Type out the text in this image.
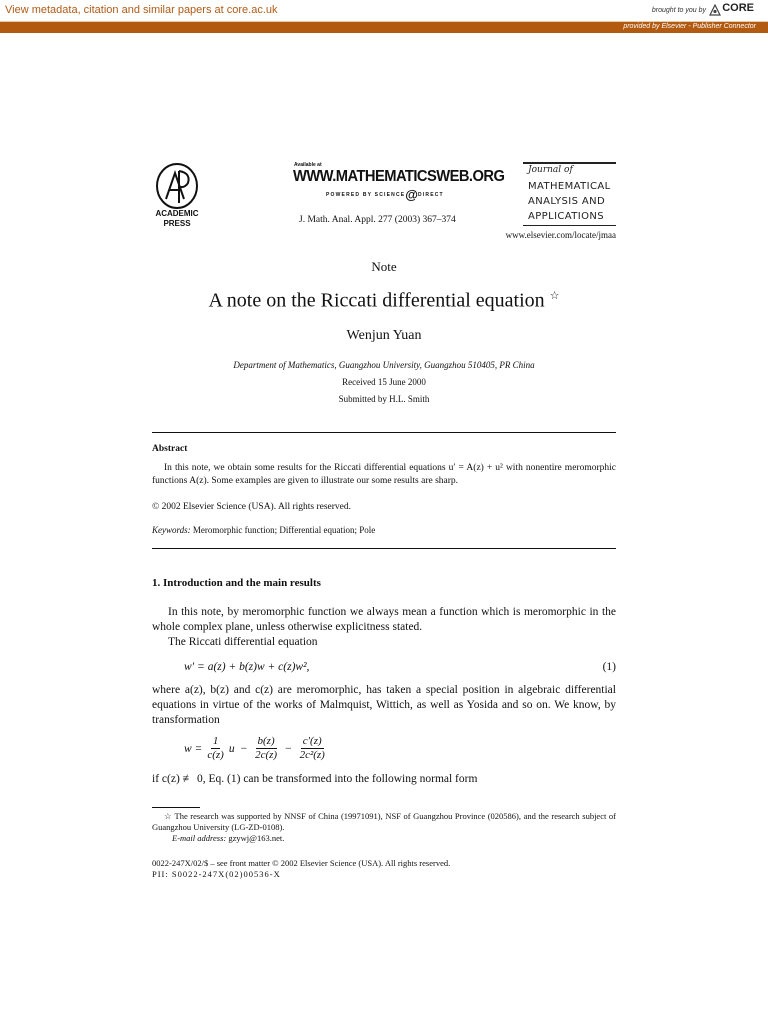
View metadata, citation and similar papers at core.ac.uk	brought to you by CORE
provided by Elsevier - Publisher Connector
ACADEMIC
PRESS
Available at
WWW.MATHEMATICSWEB.ORG
POWERED BY SCIENCE@DIRECT
J. Math. Anal. Appl. 277 (2003) 367–374
Journal of
MATHEMATICAL
ANALYSIS AND
APPLICATIONS
www.elsevier.com/locate/jmaa
Note
A note on the Riccati differential equation ☆
Wenjun Yuan
Department of Mathematics, Guangzhou University, Guangzhou 510405, PR China
Received 15 June 2000
Submitted by H.L. Smith
Abstract

In this note, we obtain some results for the Riccati differential equations u′ = A(z) + u² with nonentire meromorphic functions A(z). Some examples are given to illustrate our some results are sharp.

© 2002 Elsevier Science (USA). All rights reserved.
Keywords: Meromorphic function; Differential equation; Pole
1. Introduction and the main results

In this note, by meromorphic function we always mean a function which is meromorphic in the whole complex plane, unless otherwise explicitness stated.

The Riccati differential equation

w′ = a(z) + b(z)w + c(z)w²,	(1)
where a(z), b(z) and c(z) are meromorphic, has taken a special position in algebraic differential equations in virtue of the works of Malmquist, Wittich, as well as Yosida and so on. We know, by transformation
$w = \frac{1}{c(z)}$ $u - \frac{b(z)}{2c(z)} - \frac{c'(z)}{\text{2c²(z)}}$
if c(z) ≢ 0, Eq. (1) can be transformed into the following normal form

☆ The research was supported by NNSF of China (19971091), NSF of Guangzhou Province (020586), and the research subject of Guangzhou University (LG-ZD-0108).

E-mail address: gzywj@163.net.

0022-247X/02/$ – see front matter © 2002 Elsevier Science (USA). All rights reserved.
PII: S0022-247X(02)00536-X
